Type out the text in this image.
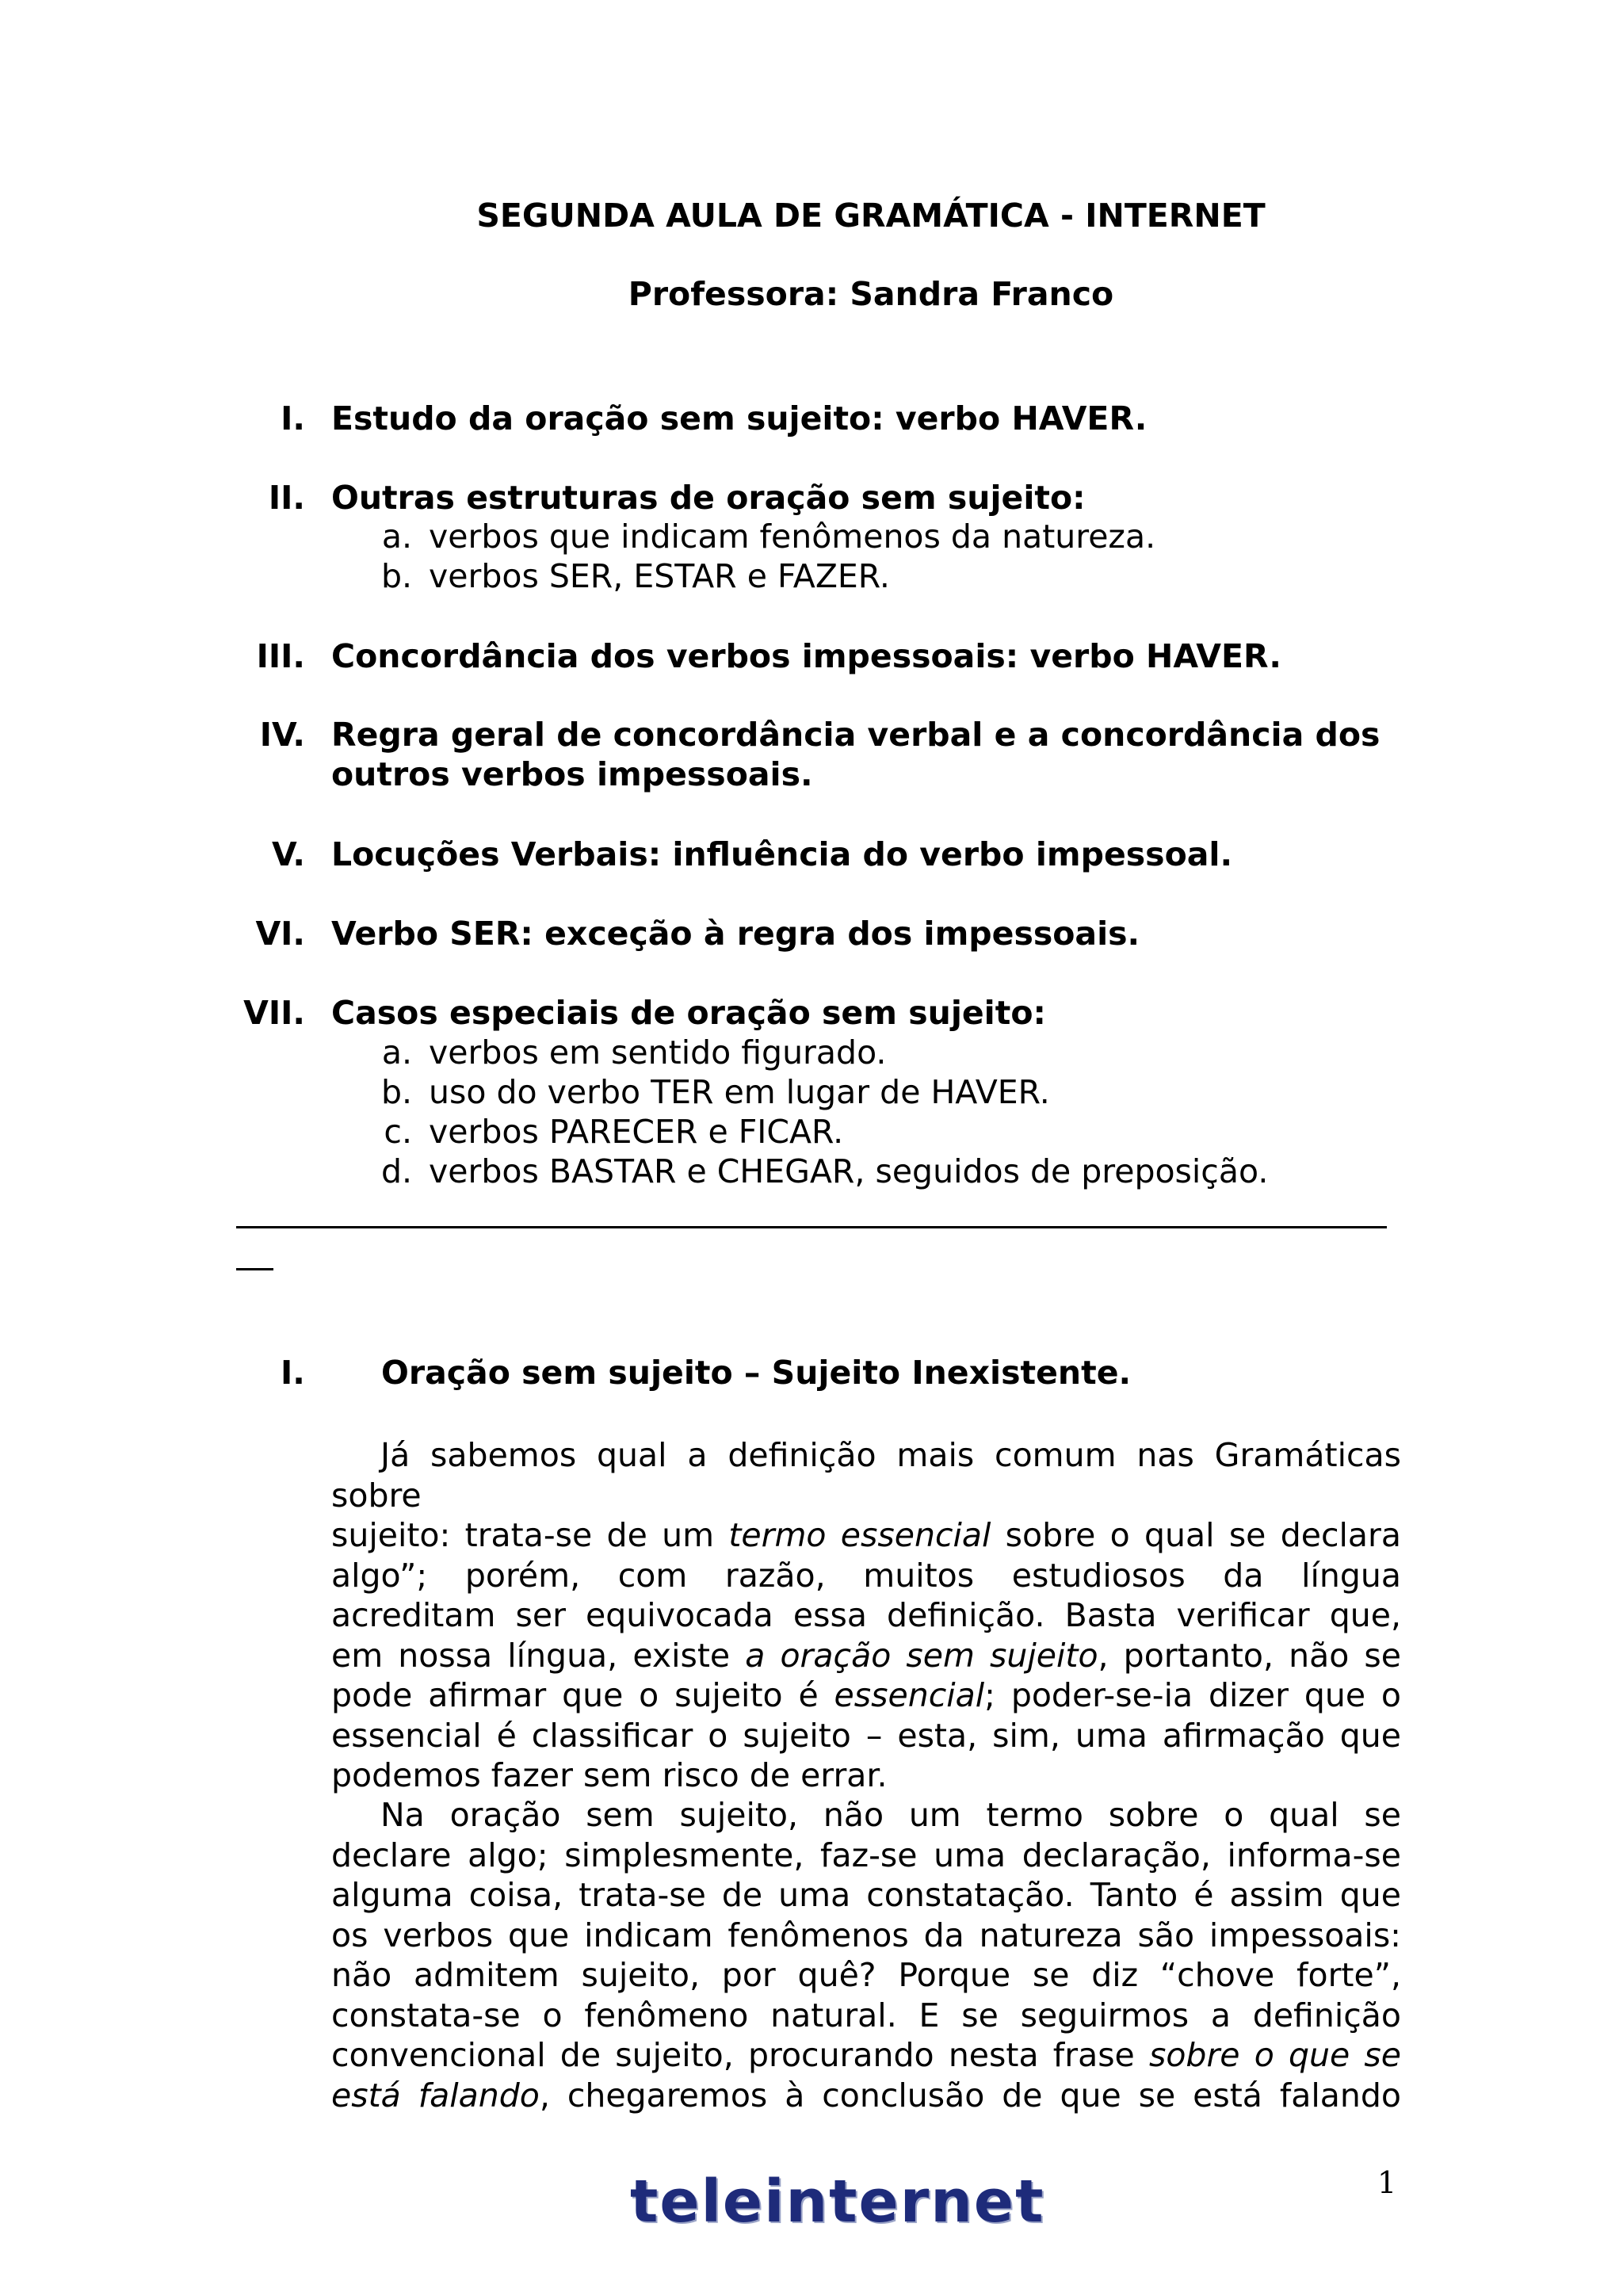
SEGUNDA AULA DE GRAMÁTICA - INTERNET
Professora: Sandra Franco
I. Estudo da oração sem sujeito: verbo HAVER.
II. Outras estruturas de oração sem sujeito:
a. verbos que indicam fenômenos da natureza.
b. verbos SER, ESTAR e FAZER.
III. Concordância dos verbos impessoais: verbo HAVER.
IV. Regra geral de concordância verbal e a concordância dos
outros verbos impessoais.
V. Locuções Verbais: influência do verbo impessoal.
VI. Verbo SER: exceção à regra dos impessoais.
VII. Casos especiais de oração sem sujeito:
a. verbos em sentido figurado.
b. uso do verbo TER em lugar de HAVER.
c. verbos PARECER e FICAR.
d. verbos BASTAR e CHEGAR, seguidos de preposição.
I. Oração sem sujeito – Sujeito Inexistente.
Já sabemos qual a definição mais comum nas Gramáticas
sobre
sujeito: trata-se de um termo essencial sobre o qual se declara
algo”; porém, com razão, muitos estudiosos da língua
acreditam ser equivocada essa definição. Basta verificar que,
em nossa língua, existe a oração sem sujeito, portanto, não se
pode afirmar que o sujeito é essencial; poder-se-ia dizer que o
essencial é classificar o sujeito – esta, sim, uma afirmação que
podemos fazer sem risco de errar.
Na oração sem sujeito, não um termo sobre o qual se
declare algo; simplesmente, faz-se uma declaração, informa-se
alguma coisa, trata-se de uma constatação. Tanto é assim que
os verbos que indicam fenômenos da natureza são impessoais:
não admitem sujeito, por quê? Porque se diz “chove forte”,
constata-se o fenômeno natural. E se seguirmos a definição
convencional de sujeito, procurando nesta frase sobre o que se
está falando, chegaremos à conclusão de que se está falando
teleinternet	1
